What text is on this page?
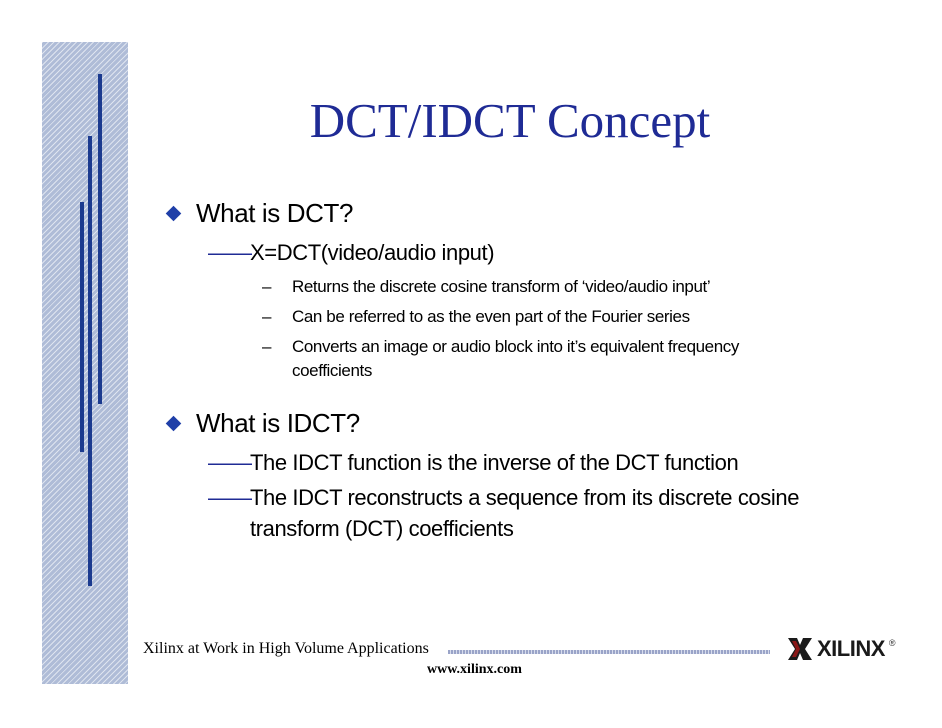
DCT/IDCT Concept
What is DCT?
——
X=DCT(video/audio input)
– Returns the discrete cosine transform of ‘video/audio input’
– Can be referred to as the even part of the Fourier series
– Converts an image or audio block into it’s equivalent frequency
coefficients
What is IDCT?
——
The IDCT function is the inverse of the DCT function
——
The IDCT reconstructs a sequence from its discrete cosine
transform (DCT) coefficients
Xilinx at Work in High Volume Applications
www.xilinx.com
XILINX ®
